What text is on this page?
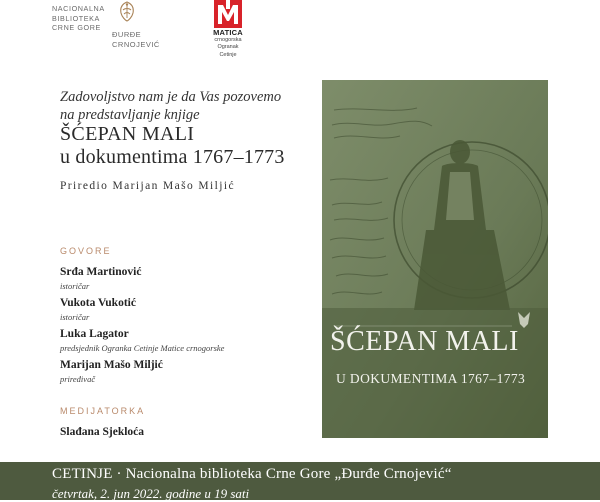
NACIONALNA
BIBLIOTEKA
CRNE GORE
ĐURĐE
CRNOJEVIĆ
MATICA
crnogorska
Ogranak
Cetinje
Zadovoljstvo nam je da Vas pozovemo
na predstavljanje knjige
ŠĆEPAN MALI
u dokumentima 1767–1773
Priredio Marijan Mašo Miljić
GOVORE
Srđa Martinović
istoričar
Vukota Vukotić
istoričar
Luka Lagator
predsjednik Ogranka Cetinje Matice crnogorske
Marijan Mašo Miljić
priređivač
MEDIJATORKA
Slađana Sjekloća
ŠĆEPAN MALI
U DOKUMENTIMA 1767–1773
CETINJE · Nacionalna biblioteka Crne Gore „Đurđe Crnojević“
četvrtak, 2. jun 2022. godine u 19 sati
